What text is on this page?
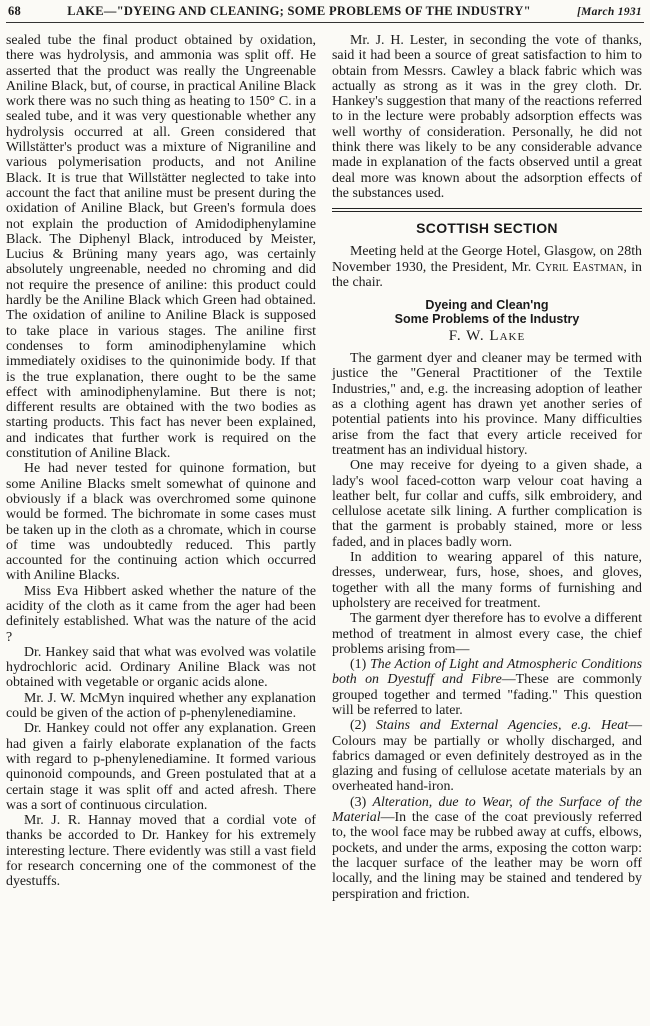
68	LAKE—"DYEING AND CLEANING; SOME PROBLEMS OF THE INDUSTRY"	[March 1931

sealed tube the final product obtained by oxidation, there was hydrolysis, and ammonia was split off. He asserted that the product was really the Ungreenable Aniline Black, but, of course, in practical Aniline Black work there was no such thing as heating to 150° C. in a sealed tube, and it was very questionable whether any hydrolysis occurred at all. Green considered that Willstätter's product was a mixture of Nigraniline and various polymerisation products, and not Aniline Black. It is true that Willstätter neglected to take into account the fact that aniline must be present during the oxidation of Aniline Black, but Green's formula does not explain the production of Amidodiphenylamine Black. The Diphenyl Black, introduced by Meister, Lucius & Brüning many years ago, was certainly absolutely ungreenable, needed no chroming and did not require the presence of aniline: this product could hardly be the Aniline Black which Green had obtained. The oxidation of aniline to Aniline Black is supposed to take place in various stages. The aniline first condenses to form aminodiphenylamine which immediately oxidises to the quinonimide body. If that is the true explanation, there ought to be the same effect with aminodiphenylamine. But there is not; different results are obtained with the two bodies as starting products. This fact has never been explained, and indicates that further work is required on the constitution of Aniline Black.

He had never tested for quinone formation, but some Aniline Blacks smelt somewhat of quinone and obviously if a black was overchromed some quinone would be formed. The bichromate in some cases must be taken up in the cloth as a chromate, which in course of time was undoubtedly reduced. This partly accounted for the continuing action which occurred with Aniline Blacks.

Miss Eva Hibbert asked whether the nature of the acidity of the cloth as it came from the ager had been definitely established. What was the nature of the acid ?

Dr. Hankey said that what was evolved was volatile hydrochloric acid. Ordinary Aniline Black was not obtained with vegetable or organic acids alone.

Mr. J. W. McMyn inquired whether any explanation could be given of the action of p-phenylenediamine.

Dr. Hankey could not offer any explanation. Green had given a fairly elaborate explanation of the facts with regard to p-phenylenediamine. It formed various quinonoid compounds, and Green postulated that at a certain stage it was split off and acted afresh. There was a sort of continuous circulation.

Mr. J. R. Hannay moved that a cordial vote of thanks be accorded to Dr. Hankey for his extremely interesting lecture. There evidently was still a vast field for research concerning one of the commonest of the dyestuffs.

Mr. J. H. Lester, in seconding the vote of thanks, said it had been a source of great satisfaction to him to obtain from Messrs. Cawley a black fabric which was actually as strong as it was in the grey cloth. Dr. Hankey's suggestion that many of the reactions referred to in the lecture were probably adsorption effects was well worthy of consideration. Personally, he did not think there was likely to be any considerable advance made in explanation of the facts observed until a great deal more was known about the adsorption effects of the substances used.

SCOTTISH SECTION

Meeting held at the George Hotel, Glasgow, on 28th November 1930, the President, Mr. Cyril Eastman, in the chair.

Dyeing and Clean'ng
Some Problems of the Industry
F. W. Lake

The garment dyer and cleaner may be termed with justice the "General Practitioner of the Textile Industries," and, e.g. the increasing adoption of leather as a clothing agent has drawn yet another series of potential patients into his province. Many difficulties arise from the fact that every article received for treatment has an individual history.

One may receive for dyeing to a given shade, a lady's wool faced-cotton warp velour coat having a leather belt, fur collar and cuffs, silk embroidery, and cellulose acetate silk lining. A further complication is that the garment is probably stained, more or less faded, and in places badly worn.

In addition to wearing apparel of this nature, dresses, underwear, furs, hose, shoes, and gloves, together with all the many forms of furnishing and upholstery are received for treatment.

The garment dyer therefore has to evolve a different method of treatment in almost every case, the chief problems arising from—

(1) The Action of Light and Atmospheric Conditions both on Dyestuff and Fibre—These are commonly grouped together and termed "fading." This question will be referred to later.

(2) Stains and External Agencies, e.g. Heat—Colours may be partially or wholly discharged, and fabrics damaged or even definitely destroyed as in the glazing and fusing of cellulose acetate materials by an overheated hand-iron.

(3) Alteration, due to Wear, of the Surface of the Material—In the case of the coat previously referred to, the wool face may be rubbed away at cuffs, elbows, pockets, and under the arms, exposing the cotton warp: the lacquer surface of the leather may be worn off locally, and the lining may be stained and tendered by perspiration and friction.
